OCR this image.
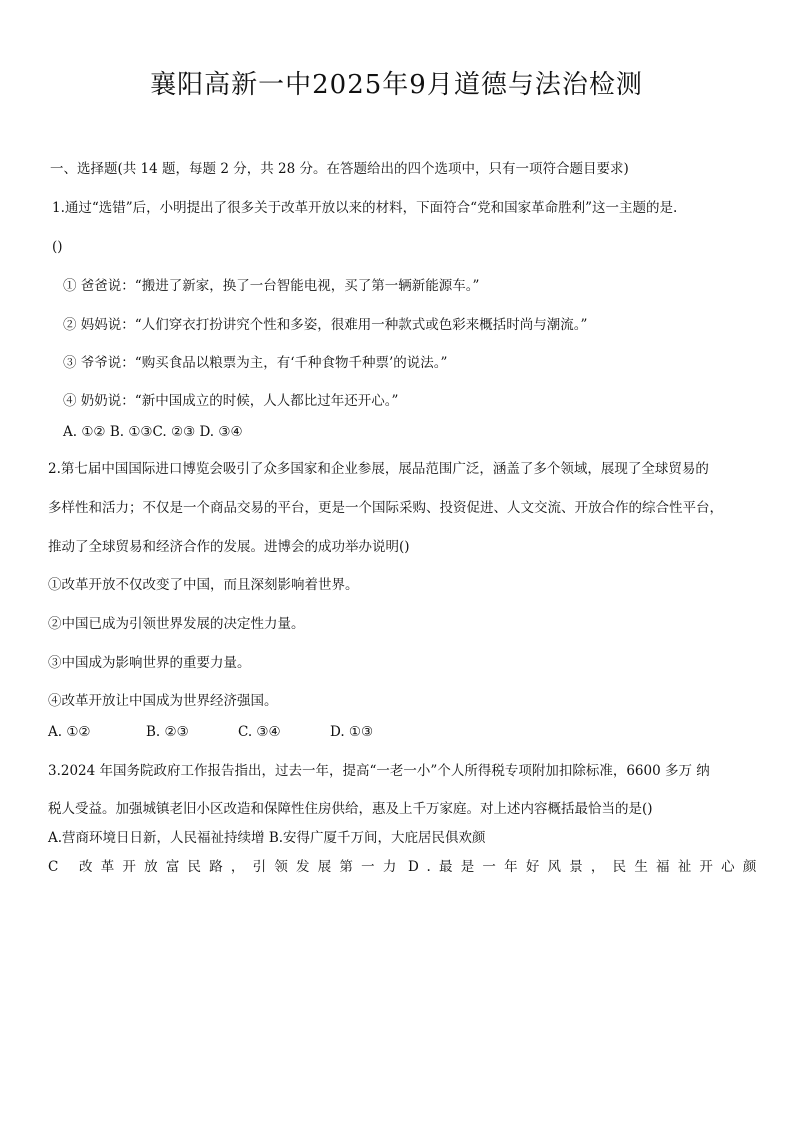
襄阳高新一中2025年9月道德与法治检测
一、选择题(共 14 题，每题 2 分，共 28 分。在答题给出的四个选项中，只有一项符合题目要求)
1.通过“选错”后，小明提出了很多关于改革开放以来的材料，下面符合“党和国家革命胜利”这一主题的是.
()
① 爸爸说：“搬进了新家，换了一台智能电视，买了第一辆新能源车。”
② 妈妈说：“人们穿衣打扮讲究个性和多姿，很难用一种款式或色彩来概括时尚与潮流。”
③ 爷爷说：“购买食品以粮票为主，有‘千种食物千种票’的说法。”
④ 奶奶说：“新中国成立的时候，人人都比过年还开心。”
A. ①② B. ①③C. ②③ D. ③④
2.第七届中国国际进口博览会吸引了众多国家和企业参展，展品范围广泛，涵盖了多个领域，展现了全球贸易的
多样性和活力；不仅是一个商品交易的平台，更是一个国际采购、投资促进、人文交流、开放合作的综合性平台，
推动了全球贸易和经济合作的发展。进博会的成功举办说明()
①改革开放不仅改变了中国，而且深刻影响着世界。
②中国已成为引领世界发展的决定性力量。
③中国成为影响世界的重要力量。
④改革开放让中国成为世界经济强国。
A. ①②	B. ②③	C. ③④	D. ①③
3.2024 年国务院政府工作报告指出，过去一年，提高“一老一小”个人所得税专项附加扣除标准，6600 多万 纳
税人受益。加强城镇老旧小区改造和保障性住房供给，惠及上千万家庭。对上述内容概括最恰当的是()
A.营商环境日日新，人民福祉持续增 B.安得广厦千万间，大庇居民俱欢颜
C 改革开放富民路，引领发展第一力 D.最是一年好风景，民生福祉开心颜
